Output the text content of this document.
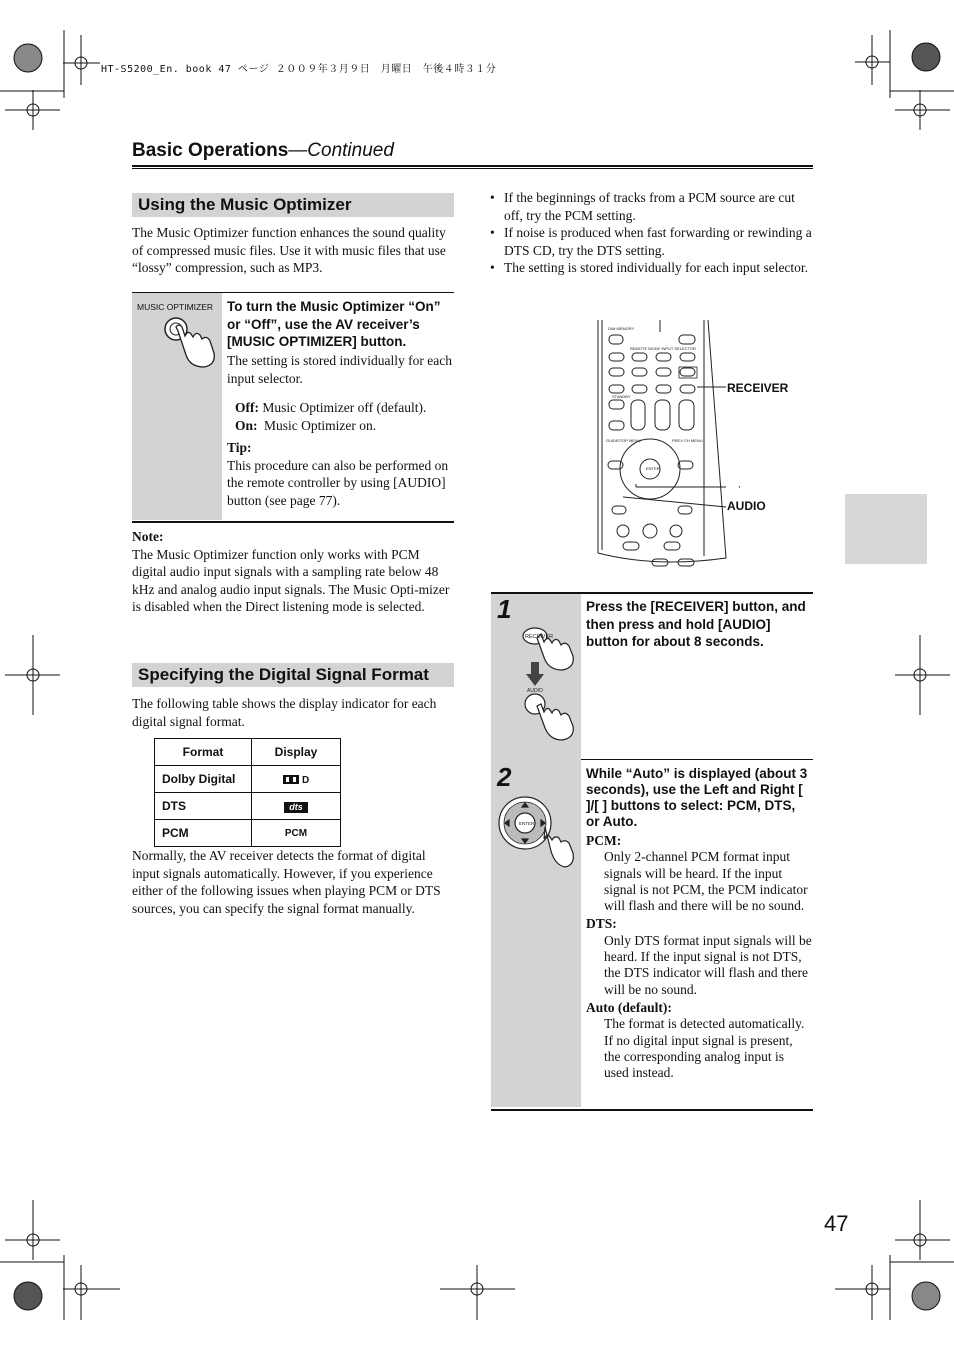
HT-S5200_En. book 47 ページ ２００９年３月９日　月曜日　午後４時３１分
Basic Operations—Continued
Using the Music Optimizer
The Music Optimizer function enhances the sound quality of compressed music files. Use it with music files that use “lossy” compression, such as MP3.
MUSIC OPTIMIZER To turn the Music Optimizer “On” or “Off”, use the AV receiver’s [MUSIC OPTIMIZER] button.
The setting is stored individually for each input selector.
Off: Music Optimizer off (default).
On: Music Optimizer on.
Tip:
This procedure can also be performed on the remote controller by using [AUDIO] button (see page 77).
Note:
The Music Optimizer function only works with PCM digital audio input signals with a sampling rate below 48 kHz and analog audio input signals. The Music Opti-mizer is disabled when the Direct listening mode is selected.
Specifying the Digital Signal Format
The following table shows the display indicator for each digital signal format.
Format	Display
Dolby Digital	D
DTS	dts
PCM	PCM
Normally, the AV receiver detects the format of digital input signals automatically. However, if you experience either of the following issues when playing PCM or DTS sources, you can specify the signal format manually.
• If the beginnings of tracks from a PCM source are cut off, try the PCM setting.
• If noise is produced when fast forwarding or rewinding a DTS CD, try the DTS setting.
• The setting is stored individually for each input selector.
DIM MEMORY
REMOTE MODE INPUT SELECTOR
STANDBY
ENTER
GUIDE/TOP MENU	PREV CH MENU
RECEIVER
,
AUDIO
1
RECEIVER
AUDIO
Press the [RECEIVER] button, and then press and hold [AUDIO] button for about 8 seconds.
2
ENTER
While “Auto” is displayed (about 3 seconds), use the Left and Right [ ]/[ ] buttons to select: PCM, DTS, or Auto.
PCM:
Only 2-channel PCM format input signals will be heard. If the input signal is not PCM, the PCM indicator will flash and there will be no sound.
DTS:
Only DTS format input signals will be heard. If the input signal is not DTS, the DTS indicator will flash and there will be no sound.
Auto (default):
The format is detected automatically. If no digital input signal is present, the corresponding analog input is used instead.
47
